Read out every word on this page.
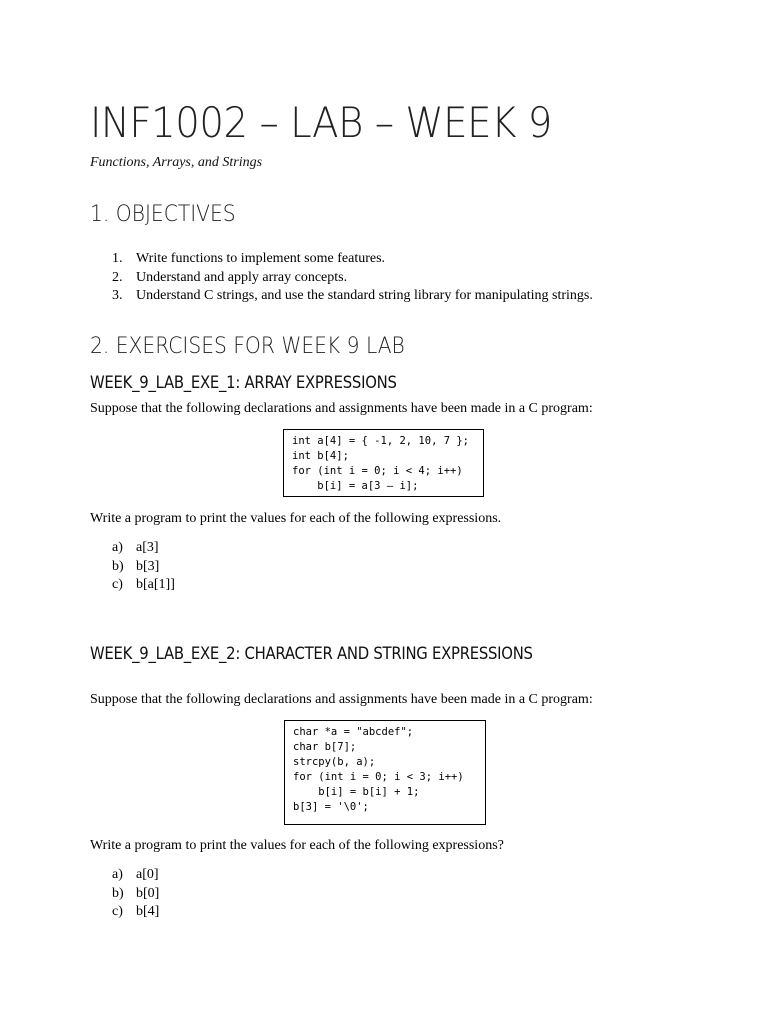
INF1002 – LAB – WEEK 9
Functions, Arrays, and Strings
1. OBJECTIVES
1. Write functions to implement some features.
2. Understand and apply array concepts.
3. Understand C strings, and use the standard string library for manipulating strings.
2. EXERCISES FOR WEEK 9 LAB
WEEK_9_LAB_EXE_1: ARRAY EXPRESSIONS
Suppose that the following declarations and assignments have been made in a C program:
int a[4] = { -1, 2, 10, 7 };
int b[4];
for (int i = 0; i < 4; i++)
b[i] = a[3 – i];
Write a program to print the values for each of the following expressions.
a) a[3]
b) b[3]
c) b[a[1]]
WEEK_9_LAB_EXE_2: CHARACTER AND STRING EXPRESSIONS
Suppose that the following declarations and assignments have been made in a C program:
char *a = "abcdef";
char b[7];
strcpy(b, a);
for (int i = 0; i < 3; i++)
b[i] = b[i] + 1;
b[3] = '\0';
Write a program to print the values for each of the following expressions?
a) a[0]
b) b[0]
c) b[4]
